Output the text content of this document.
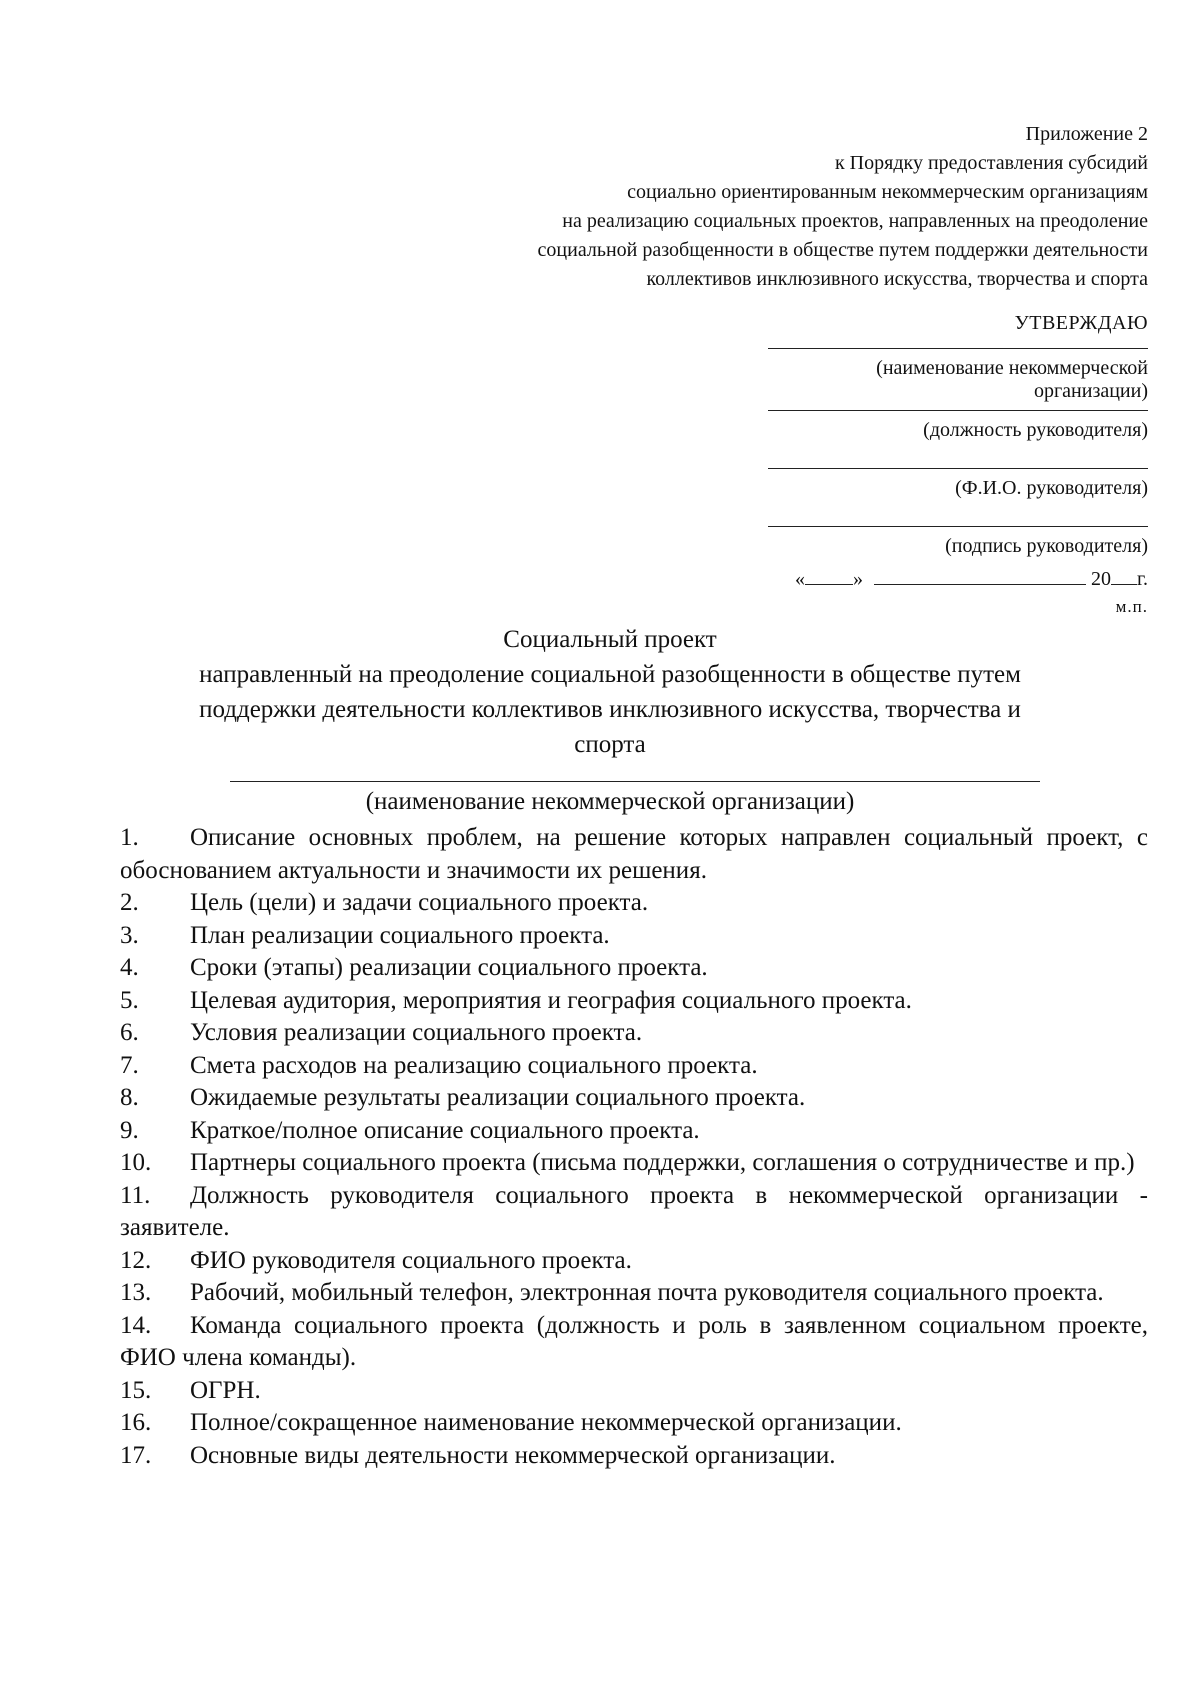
Приложение 2
к Порядку предоставления субсидий
социально ориентированным некоммерческим организациям
на реализацию социальных проектов, направленных на преодоление
социальной разобщенности в обществе путем поддержки деятельности
коллективов инклюзивного искусства, творчества и спорта
УТВЕРЖДАЮ
(наименование некоммерческой организации)
(должность руководителя)
(Ф.И.О. руководителя)
(подпись руководителя)
« »	20 г.
м.п.
Социальный проект
направленный на преодоление социальной разобщенности в обществе путем
поддержки деятельности коллективов инклюзивного искусства, творчества и
спорта
(наименование некоммерческой организации)
1. Описание основных проблем, на решение которых направлен социальный проект, с обоснованием актуальности и значимости их решения.
2. Цель (цели) и задачи социального проекта.
3. План реализации социального проекта.
4. Сроки (этапы) реализации социального проекта.
5. Целевая аудитория, мероприятия и география социального проекта.
6. Условия реализации социального проекта.
7. Смета расходов на реализацию социального проекта.
8. Ожидаемые результаты реализации социального проекта.
9. Краткое/полное описание социального проекта.
10. Партнеры социального проекта (письма поддержки, соглашения о сотрудничестве и пр.)
11. Должность руководителя социального проекта в некоммерческой организации - заявителе.
12. ФИО руководителя социального проекта.
13. Рабочий, мобильный телефон, электронная почта руководителя социального проекта.
14. Команда социального проекта (должность и роль в заявленном социальном проекте, ФИО члена команды).
15. ОГРН.
16. Полное/сокращенное наименование некоммерческой организации.
17. Основные виды деятельности некоммерческой организации.
